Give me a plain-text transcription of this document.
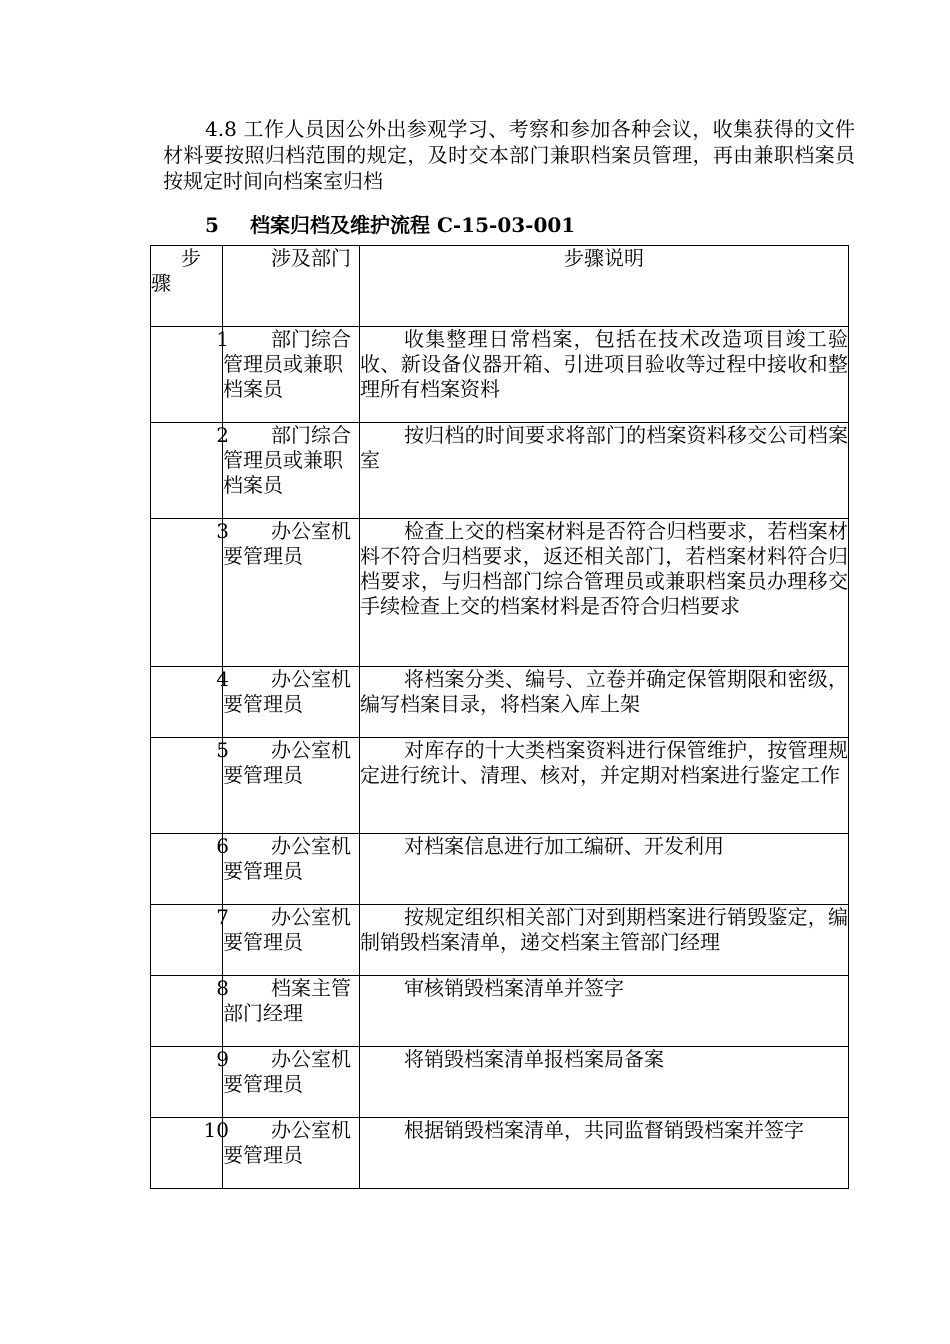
4.8 工作人员因公外出参观学习、考察和参加各种会议，收集获得的文件材料要按照归档范围的规定，及时交本部门兼职档案员管理，再由兼职档案员按规定时间向档案室归档
5 档案归档及维护流程 C-15-03-001
步
骤	涉及部门	步骤说明
1	部门综合管理员或兼职档案员	收集整理日常档案，包括在技术改造项目竣工验收、新设备仪器开箱、引进项目验收等过程中接收和整理所有档案资料
2	部门综合管理员或兼职档案员	按归档的时间要求将部门的档案资料移交公司档案室
3	办公室机要管理员	检查上交的档案材料是否符合归档要求，若档案材料不符合归档要求，返还相关部门，若档案材料符合归档要求，与归档部门综合管理员或兼职档案员办理移交手续检查上交的档案材料是否符合归档要求
4	办公室机要管理员	将档案分类、编号、立卷并确定保管期限和密级，编写档案目录，将档案入库上架
5	办公室机要管理员	对库存的十大类档案资料进行保管维护，按管理规定进行统计、清理、核对，并定期对档案进行鉴定工作
6	办公室机要管理员	对档案信息进行加工编研、开发利用
7	办公室机要管理员	按规定组织相关部门对到期档案进行销毁鉴定，编制销毁档案清单，递交档案主管部门经理
8	档案主管部门经理	审核销毁档案清单并签字
9	办公室机要管理员	将销毁档案清单报档案局备案
10	办公室机要管理员	根据销毁档案清单，共同监督销毁档案并签字
